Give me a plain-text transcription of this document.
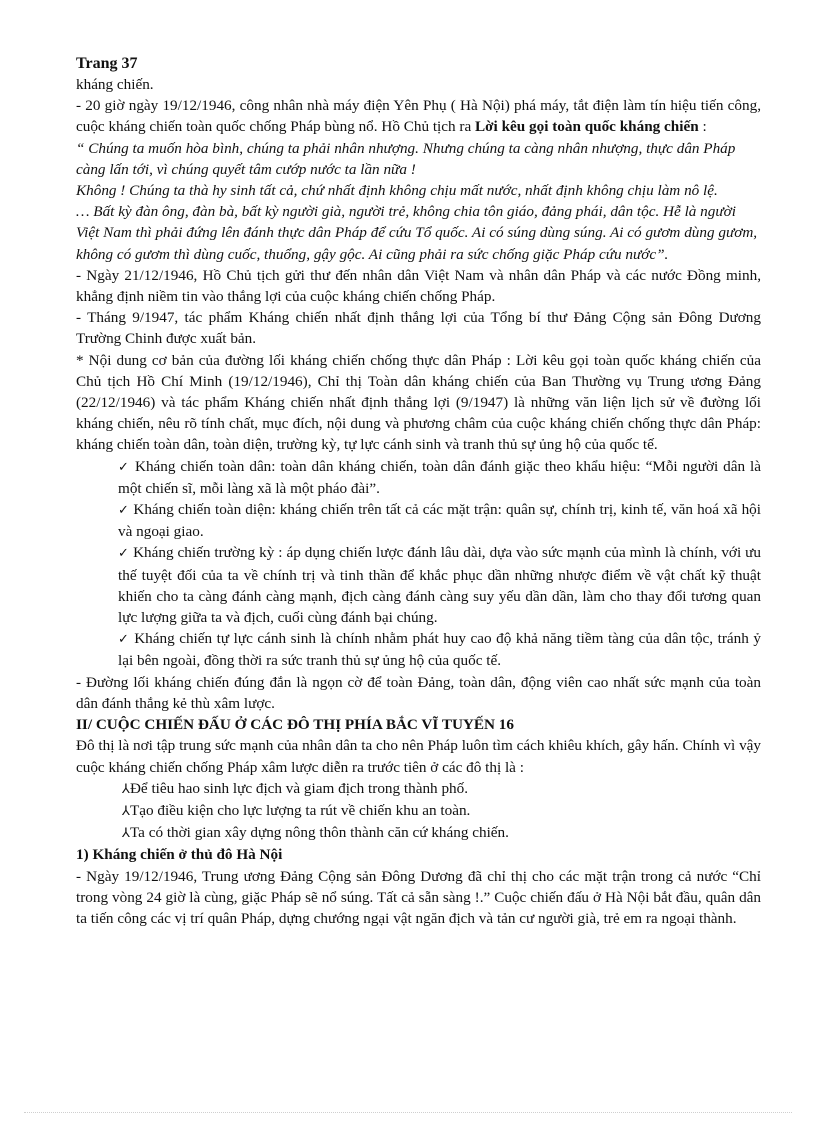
Trang 37

kháng chiến.

- 20 giờ ngày 19/12/1946, công nhân nhà máy điện Yên Phụ ( Hà Nội) phá máy, tắt điện làm tín hiệu tiến công, cuộc kháng chiến toàn quốc chống Pháp bùng nổ. Hồ Chủ tịch ra Lời kêu gọi toàn quốc kháng chiến :

“ Chúng ta muốn hòa bình, chúng ta phải nhân nhượng. Nhưng chúng ta càng nhân nhượng, thực dân Pháp càng lấn tới, vì chúng quyết tâm cướp nước ta lần nữa !

Không ! Chúng ta thà hy sinh tất cả, chứ nhất định không chịu mất nước, nhất định không chịu làm nô lệ.

… Bất kỳ đàn ông, đàn bà, bất kỳ người già, người trẻ, không chia tôn giáo, đảng phái, dân tộc. Hễ là người Việt Nam thì phải đứng lên đánh thực dân Pháp để cứu Tổ quốc. Ai có súng dùng súng. Ai có gươm dùng gươm, không có gươm thì dùng cuốc, thuổng, gậy gộc. Ai cũng phải ra sức chống giặc Pháp cứu nước”.

- Ngày 21/12/1946, Hồ Chủ tịch gửi thư đến nhân dân Việt Nam và nhân dân Pháp và các nước Đồng minh, khẳng định niềm tin vào thắng lợi của cuộc kháng chiến chống Pháp.

- Tháng 9/1947, tác phẩm Kháng chiến nhất định thắng lợi của Tổng bí thư Đảng Cộng sản Đông Dương Trường Chinh được xuất bản.

* Nội dung cơ bản của đường lối kháng chiến chống thực dân Pháp : Lời kêu gọi toàn quốc kháng chiến của Chủ tịch Hồ Chí Minh (19/12/1946), Chỉ thị Toàn dân kháng chiến của Ban Thường vụ Trung ương Đảng (22/12/1946) và tác phẩm Kháng chiến nhất định thắng lợi (9/1947) là những văn liện lịch sử về đường lối kháng chiến, nêu rõ tính chất, mục đích, nội dung và phương châm của cuộc kháng chiến chống thực dân Pháp: kháng chiến toàn dân, toàn diện, trường kỳ, tự lực cánh sinh và tranh thủ sự ủng hộ của quốc tế.

✓ Kháng chiến toàn dân: toàn dân kháng chiến, toàn dân đánh giặc theo khẩu hiệu: “Mỗi người dân là một chiến sĩ, mỗi làng xã là một pháo đài”.

✓ Kháng chiến toàn diện: kháng chiến trên tất cả các mặt trận: quân sự, chính trị, kinh tế, văn hoá xã hội và ngoại giao.

✓ Kháng chiến trường kỳ : áp dụng chiến lược đánh lâu dài, dựa vào sức mạnh của mình là chính, với ưu thế tuyệt đối của ta về chính trị và tinh thần để khắc phục dần những nhược điểm về vật chất kỹ thuật khiến cho ta càng đánh càng mạnh, địch càng đánh càng suy yếu dần dần, làm cho thay đổi tương quan lực lượng giữa ta và địch, cuối cùng đánh bại chúng.

✓ Kháng chiến tự lực cánh sinh là chính nhằm phát huy cao độ khả năng tiềm tàng của dân tộc, tránh ỷ lại bên ngoài, đồng thời ra sức tranh thủ sự ủng hộ của quốc tế.

- Đường lối kháng chiến đúng đắn là ngọn cờ để toàn Đảng, toàn dân, động viên cao nhất sức mạnh của toàn dân đánh thắng kẻ thù xâm lược.

II/ CUỘC CHIẾN ĐẤU Ở CÁC ĐÔ THỊ PHÍA BẮC VĨ TUYẾN 16

Đô thị là nơi tập trung sức mạnh của nhân dân ta cho nên Pháp luôn tìm cách khiêu khích, gây hấn. Chính vì vậy cuộc kháng chiến chống Pháp xâm lược diễn ra trước tiên ở các đô thị là :

⅄Để tiêu hao sinh lực địch và giam địch trong thành phố.

⅄Tạo điều kiện cho lực lượng ta rút về chiến khu an toàn.

⅄Ta có thời gian xây dựng nông thôn thành căn cứ kháng chiến.

1) Kháng chiến ở thủ đô Hà Nội

- Ngày 19/12/1946, Trung ương Đảng Cộng sản Đông Dương đã chỉ thị cho các mặt trận trong cả nước “Chỉ trong vòng 24 giờ là cùng, giặc Pháp sẽ nổ súng. Tất cả sẵn sàng !.” Cuộc chiến đấu ở Hà Nội bắt đầu, quân dân ta tiến công các vị trí quân Pháp, dựng chướng ngại vật ngăn địch và tản cư người già, trẻ em ra ngoại thành.
